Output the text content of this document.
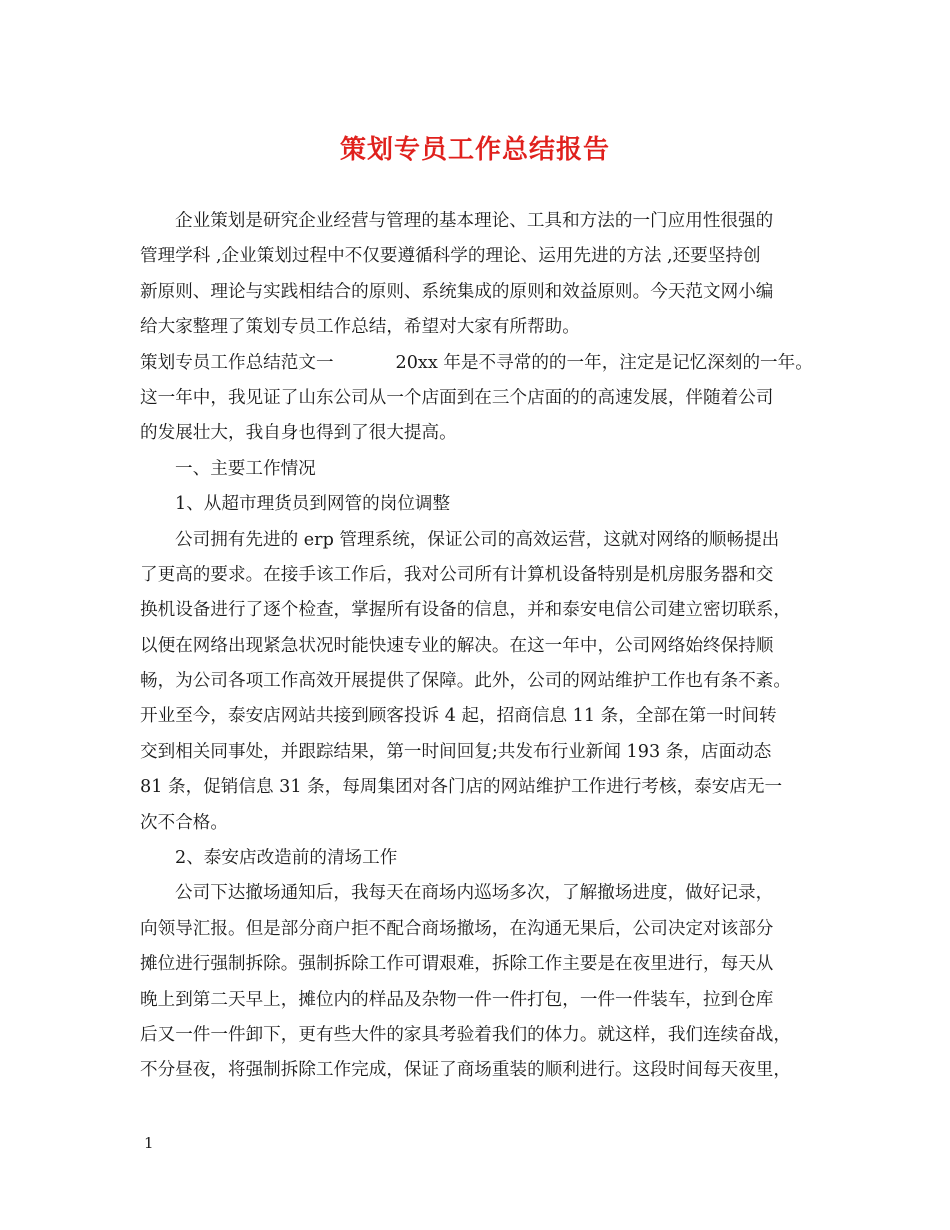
策划专员工作总结报告
企业策划是研究企业经营与管理的基本理论、工具和方法的一门应用性很强的
管理学科 ,企业策划过程中不仅要遵循科学的理论、运用先进的方法 ,还要坚持创
新原则、理论与实践相结合的原则、系统集成的原则和效益原则。今天范文网小编
给大家整理了策划专员工作总结，希望对大家有所帮助。
策划专员工作总结范文一	20xx 年是不寻常的的一年，注定是记忆深刻的一年。
这一年中，我见证了山东公司从一个店面到在三个店面的的高速发展，伴随着公司
的发展壮大，我自身也得到了很大提高。
一、主要工作情况
1、从超市理货员到网管的岗位调整
公司拥有先进的 erp 管理系统，保证公司的高效运营，这就对网络的顺畅提出
了更高的要求。在接手该工作后，我对公司所有计算机设备特别是机房服务器和交
换机设备进行了逐个检查，掌握所有设备的信息，并和泰安电信公司建立密切联系，
以便在网络出现紧急状况时能快速专业的解决。在这一年中，公司网络始终保持顺
畅，为公司各项工作高效开展提供了保障。此外，公司的网站维护工作也有条不紊。
开业至今，泰安店网站共接到顾客投诉 4 起，招商信息 11 条，全部在第一时间转
交到相关同事处，并跟踪结果，第一时间回复;共发布行业新闻 193 条，店面动态
81 条，促销信息 31 条，每周集团对各门店的网站维护工作进行考核，泰安店无一
次不合格。
2、泰安店改造前的清场工作
公司下达撤场通知后，我每天在商场内巡场多次，了解撤场进度，做好记录，
向领导汇报。但是部分商户拒不配合商场撤场，在沟通无果后，公司决定对该部分
摊位进行强制拆除。强制拆除工作可谓艰难，拆除工作主要是在夜里进行，每天从
晚上到第二天早上，摊位内的样品及杂物一件一件打包，一件一件装车，拉到仓库
后又一件一件卸下，更有些大件的家具考验着我们的体力。就这样，我们连续奋战，
不分昼夜，将强制拆除工作完成，保证了商场重装的顺利进行。这段时间每天夜里，
1
